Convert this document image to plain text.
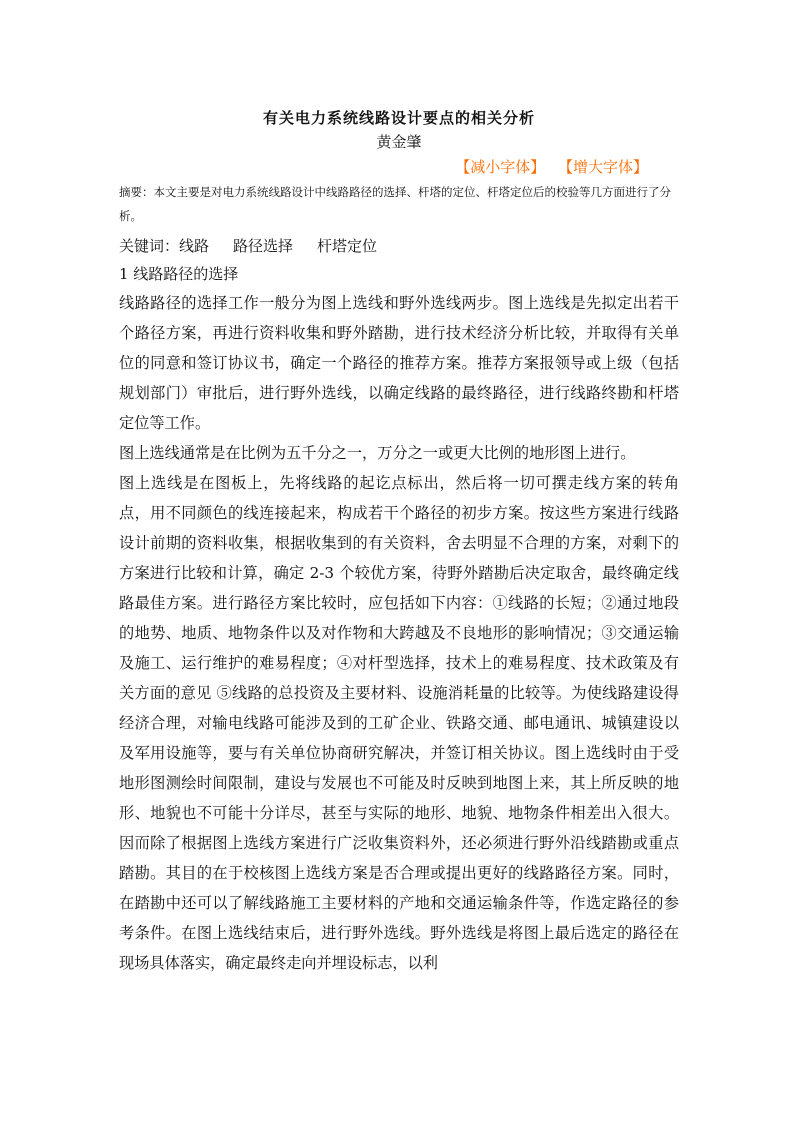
有关电力系统线路设计要点的相关分析
黄金肇
【减小字体】 【增大字体】
摘要：本文主要是对电力系统线路设计中线路路径的选择、杆塔的定位、杆塔定位后的校验等几方面进行了分析。
关键词：线路 路径选择 杆塔定位
1 线路路径的选择

线路路径的选择工作一般分为图上选线和野外选线两步。图上选线是先拟定出若干个路径方案，再进行资料收集和野外踏勘，进行技术经济分析比较，并取得有关单位的同意和签订协议书，确定一个路径的推荐方案。推荐方案报领导或上级（包括规划部门）审批后，进行野外选线，以确定线路的最终路径，进行线路终勘和杆塔定位等工作。

图上选线通常是在比例为五千分之一，万分之一或更大比例的地形图上进行。

图上选线是在图板上，先将线路的起讫点标出，然后将一切可撰走线方案的转角点，用不同颜色的线连接起来，构成若干个路径的初步方案。按这些方案进行线路设计前期的资料收集，根据收集到的有关资料，舍去明显不合理的方案，对剩下的方案进行比较和计算，确定 2-3 个较优方案，待野外踏勘后决定取舍，最终确定线路最佳方案。进行路径方案比较时，应包括如下内容：①线路的长短；②通过地段的地势、地质、地物条件以及对作物和大跨越及不良地形的影响情况；③交通运输及施工、运行维护的难易程度；④对杆型选择，技术上的难易程度、技术政策及有关方面的意见 ⑤线路的总投资及主要材料、设施消耗量的比较等。为使线路建设得经济合理，对输电线路可能涉及到的工矿企业、铁路交通、邮电通讯、城镇建设以及军用设施等，要与有关单位协商研究解决，并签订相关协议。图上选线时由于受地形图测绘时间限制，建设与发展也不可能及时反映到地图上来，其上所反映的地形、地貌也不可能十分详尽，甚至与实际的地形、地貌、地物条件相差出入很大。因而除了根据图上选线方案进行广泛收集资料外，还必须进行野外沿线踏勘或重点踏勘。其目的在于校核图上选线方案是否合理或提出更好的线路路径方案。同时，在踏勘中还可以了解线路施工主要材料的产地和交通运输条件等，作选定路径的参考条件。在图上选线结束后，进行野外选线。野外选线是将图上最后选定的路径在现场具体落实，确定最终走向并埋设标志，以利
